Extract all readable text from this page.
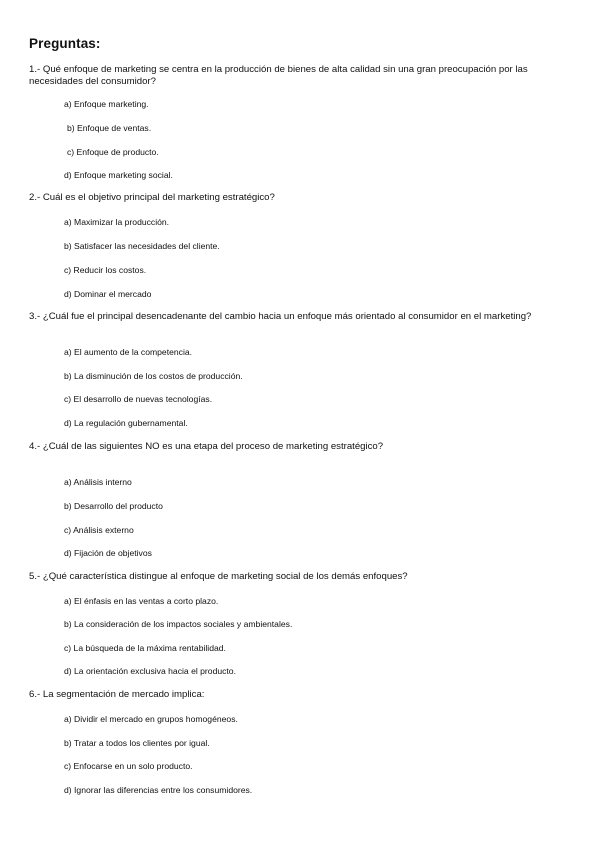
Preguntas:
1.- Qué enfoque de marketing se centra en la producción de bienes de alta calidad sin una gran preocupación por las necesidades del consumidor?
a) Enfoque marketing.
b) Enfoque de ventas.
c) Enfoque de producto.
d) Enfoque marketing social.
2.- Cuál es el objetivo principal del marketing estratégico?
a) Maximizar la producción.
b) Satisfacer las necesidades del cliente.
c) Reducir los costos.
d) Dominar el mercado
3.- ¿Cuál fue el principal desencadenante del cambio hacia un enfoque más orientado al consumidor en el marketing?
a) El aumento de la competencia.
b) La disminución de los costos de producción.
c) El desarrollo de nuevas tecnologías.
d) La regulación gubernamental.
4.- ¿Cuál de las siguientes NO es una etapa del proceso de marketing estratégico?
a) Análisis interno
b) Desarrollo del producto
c) Análisis externo
d) Fijación de objetivos
5.- ¿Qué característica distingue al enfoque de marketing social de los demás enfoques?
a) El énfasis en las ventas a corto plazo.
b) La consideración de los impactos sociales y ambientales.
c) La búsqueda de la máxima rentabilidad.
d) La orientación exclusiva hacia el producto.
6.- La segmentación de mercado implica:
a) Dividir el mercado en grupos homogéneos.
b) Tratar a todos los clientes por igual.
c) Enfocarse en un solo producto.
d) Ignorar las diferencias entre los consumidores.
